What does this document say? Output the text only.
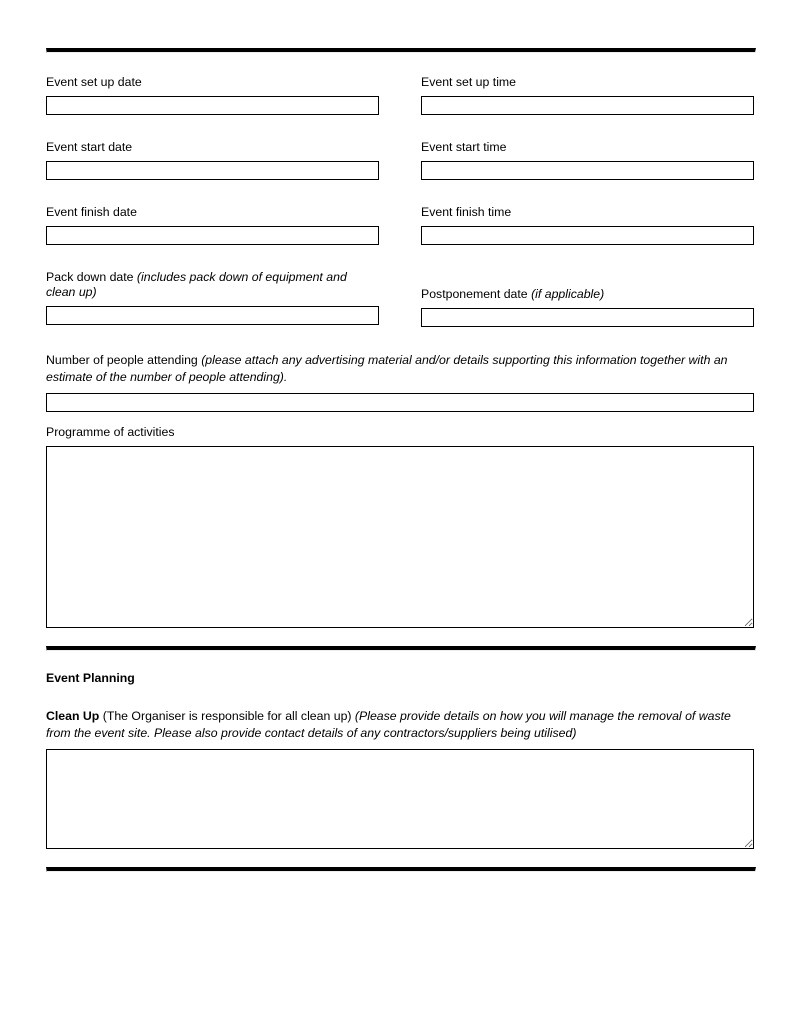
Event set up date	Event set up time
Event start date	Event start time
Event finish date	Event finish time
Pack down date (includes pack down of equipment and clean up)	Postponement date (if applicable)
Number of people attending (please attach any advertising material and/or details supporting this information together with an estimate of the number of people attending).
Programme of activities
Event Planning
Clean Up (The Organiser is responsible for all clean up) (Please provide details on how you will manage the removal of waste from the event site. Please also provide contact details of any contractors/suppliers being utilised)
